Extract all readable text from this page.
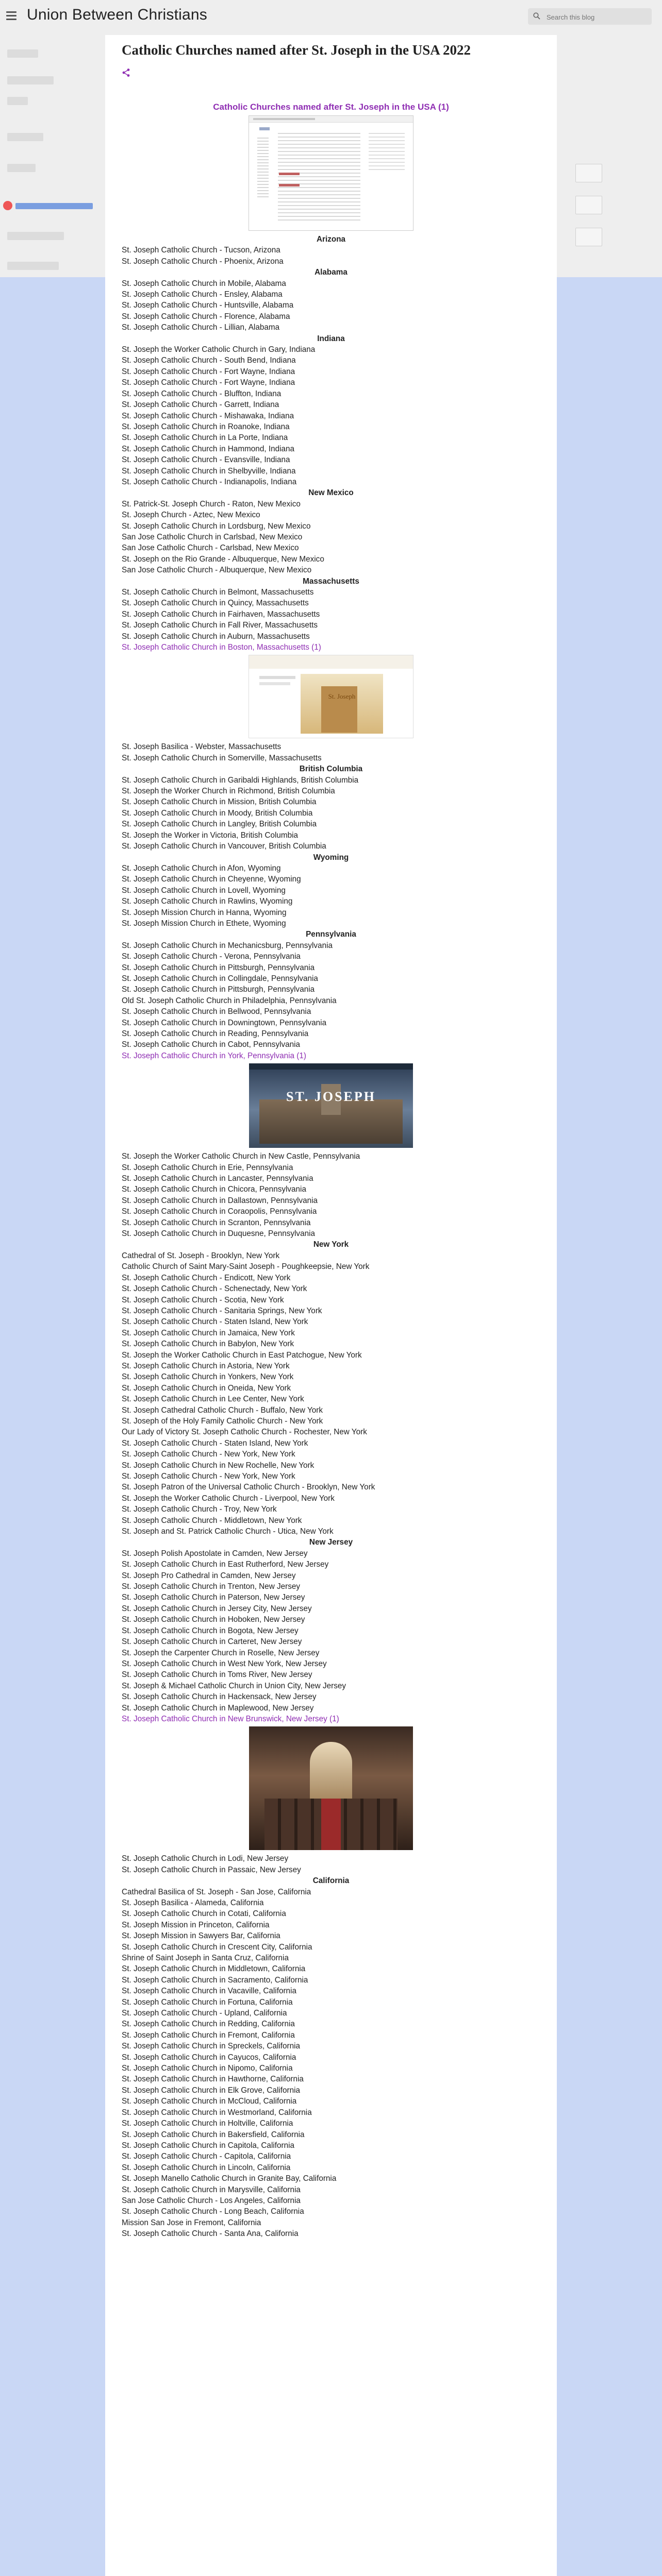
Union Between Christians
Search this blog
Catholic Churches named after St. Joseph in the USA 2022
Catholic Churches named after St. Joseph in the USA (1)
Arizona
St. Joseph Catholic Church - Tucson, Arizona
St. Joseph Catholic Church - Phoenix, Arizona
Alabama
St. Joseph Catholic Church in Mobile, Alabama
St. Joseph Catholic Church - Ensley, Alabama
St. Joseph Catholic Church - Huntsville, Alabama
St. Joseph Catholic Church - Florence, Alabama
St. Joseph Catholic Church - Lillian, Alabama
Indiana
St. Joseph the Worker Catholic Church in Gary, Indiana
St. Joseph Catholic Church - South Bend, Indiana
St. Joseph Catholic Church - Fort Wayne, Indiana
St. Joseph Catholic Church - Fort Wayne, Indiana
St. Joseph Catholic Church - Bluffton, Indiana
St. Joseph Catholic Church - Garrett, Indiana
St. Joseph Catholic Church - Mishawaka, Indiana
St. Joseph Catholic Church in Roanoke, Indiana
St. Joseph Catholic Church in La Porte, Indiana
St. Joseph Catholic Church in Hammond, Indiana
St. Joseph Catholic Church - Evansville, Indiana
St. Joseph Catholic Church in Shelbyville, Indiana
St. Joseph Catholic Church - Indianapolis, Indiana
New Mexico
St. Patrick-St. Joseph Church - Raton, New Mexico
St. Joseph Church - Aztec, New Mexico
St. Joseph Catholic Church in Lordsburg, New Mexico
San Jose Catholic Church in Carlsbad, New Mexico
San Jose Catholic Church - Carlsbad, New Mexico
St. Joseph on the Rio Grande - Albuquerque, New Mexico
San Jose Catholic Church - Albuquerque, New Mexico
Massachusetts
St. Joseph Catholic Church in Belmont, Massachusetts
St. Joseph Catholic Church in Quincy, Massachusetts
St. Joseph Catholic Church in Fairhaven, Massachusetts
St. Joseph Catholic Church in Fall River, Massachusetts
St. Joseph Catholic Church in Auburn, Massachusetts
St. Joseph Catholic Church in Boston, Massachusetts (1)
St. Joseph
St. Joseph Basilica - Webster, Massachusetts
St. Joseph Catholic Church in Somerville, Massachusetts
British Columbia
St. Joseph Catholic Church in Garibaldi Highlands, British Columbia
St. Joseph the Worker Church in Richmond, British Columbia
St. Joseph Catholic Church in Mission, British Columbia
St. Joseph Catholic Church in Moody, British Columbia
St. Joseph Catholic Church in Langley, British Columbia
St. Joseph the Worker in Victoria, British Columbia
St. Joseph Catholic Church in Vancouver, British Columbia
Wyoming
St. Joseph Catholic Church in Afon, Wyoming
St. Joseph Catholic Church in Cheyenne, Wyoming
St. Joseph Catholic Church in Lovell, Wyoming
St. Joseph Catholic Church in Rawlins, Wyoming
St. Joseph Mission Church in Hanna, Wyoming
St. Joseph Mission Church in Ethete, Wyoming
Pennsylvania
St. Joseph Catholic Church in Mechanicsburg, Pennsylvania
St. Joseph Catholic Church - Verona, Pennsylvania
St. Joseph Catholic Church in Pittsburgh, Pennsylvania
St. Joseph Catholic Church in Collingdale, Pennsylvania
St. Joseph Catholic Church in Pittsburgh, Pennsylvania
Old St. Joseph Catholic Church in Philadelphia, Pennsylvania
St. Joseph Catholic Church in Bellwood, Pennsylvania
St. Joseph Catholic Church in Downingtown, Pennsylvania
St. Joseph Catholic Church in Reading, Pennsylvania
St. Joseph Catholic Church in Cabot, Pennsylvania
St. Joseph Catholic Church in York, Pennsylvania (1)
ST. JOSEPH
St. Joseph the Worker Catholic Church in New Castle, Pennsylvania
St. Joseph Catholic Church in Erie, Pennsylvania
St. Joseph Catholic Church in Lancaster, Pennsylvania
St. Joseph Catholic Church in Chicora, Pennsylvania
St. Joseph Catholic Church in Dallastown, Pennsylvania
St. Joseph Catholic Church in Coraopolis, Pennsylvania
St. Joseph Catholic Church in Scranton, Pennsylvania
St. Joseph Catholic Church in Duquesne, Pennsylvania
New York
Cathedral of St. Joseph - Brooklyn, New York
Catholic Church of Saint Mary-Saint Joseph - Poughkeepsie, New York
St. Joseph Catholic Church - Endicott, New York
St. Joseph Catholic Church - Schenectady, New York
St. Joseph Catholic Church - Scotia, New York
St. Joseph Catholic Church - Sanitaria Springs, New York
St. Joseph Catholic Church - Staten Island, New York
St. Joseph Catholic Church in Jamaica, New York
St. Joseph Catholic Church in Babylon, New York
St. Joseph the Worker Catholic Church in East Patchogue, New York
St. Joseph Catholic Church in Astoria, New York
St. Joseph Catholic Church in Yonkers, New York
St. Joseph Catholic Church in Oneida, New York
St. Joseph Catholic Church in Lee Center, New York
St. Joseph Cathedral Catholic Church - Buffalo, New York
St. Joseph of the Holy Family Catholic Church - New York
Our Lady of Victory St. Joseph Catholic Church - Rochester, New York
St. Joseph Catholic Church - Staten Island, New York
St. Joseph Catholic Church - New York, New York
St. Joseph Catholic Church in New Rochelle, New York
St. Joseph Catholic Church - New York, New York
St. Joseph Patron of the Universal Catholic Church - Brooklyn, New York
St. Joseph the Worker Catholic Church - Liverpool, New York
St. Joseph Catholic Church - Troy, New York
St. Joseph Catholic Church - Middletown, New York
St. Joseph and St. Patrick Catholic Church - Utica, New York
New Jersey
St. Joseph Polish Apostolate in Camden, New Jersey
St. Joseph Catholic Church in East Rutherford, New Jersey
St. Joseph Pro Cathedral in Camden, New Jersey
St. Joseph Catholic Church in Trenton, New Jersey
St. Joseph Catholic Church in Paterson, New Jersey
St. Joseph Catholic Church in Jersey City, New Jersey
St. Joseph Catholic Church in Hoboken, New Jersey
St. Joseph Catholic Church in Bogota, New Jersey
St. Joseph Catholic Church in Carteret, New Jersey
St. Joseph the Carpenter Church in Roselle, New Jersey
St. Joseph Catholic Church in West New York, New Jersey
St. Joseph Catholic Church in Toms River, New Jersey
St. Joseph & Michael Catholic Church in Union City, New Jersey
St. Joseph Catholic Church in Hackensack, New Jersey
St. Joseph Catholic Church in Maplewood, New Jersey
St. Joseph Catholic Church in New Brunswick, New Jersey (1)
St. Joseph Catholic Church in Lodi, New Jersey
St. Joseph Catholic Church in Passaic, New Jersey
California
Cathedral Basilica of St. Joseph - San Jose, California
St. Joseph Basilica - Alameda, California
St. Joseph Catholic Church in Cotati, California
St. Joseph Mission in Princeton, California
St. Joseph Mission in Sawyers Bar, California
St. Joseph Catholic Church in Crescent City, California
Shrine of Saint Joseph in Santa Cruz, California
St. Joseph Catholic Church in Middletown, California
St. Joseph Catholic Church in Sacramento, California
St. Joseph Catholic Church in Vacaville, California
St. Joseph Catholic Church in Fortuna, California
St. Joseph Catholic Church - Upland, California
St. Joseph Catholic Church in Redding, California
St. Joseph Catholic Church in Fremont, California
St. Joseph Catholic Church in Spreckels, California
St. Joseph Catholic Church in Cayucos, California
St. Joseph Catholic Church in Nipomo, California
St. Joseph Catholic Church in Hawthorne, California
St. Joseph Catholic Church in Elk Grove, California
St. Joseph Catholic Church in McCloud, California
St. Joseph Catholic Church in Westmorland, California
St. Joseph Catholic Church in Holtville, California
St. Joseph Catholic Church in Bakersfield, California
St. Joseph Catholic Church in Capitola, California
St. Joseph Catholic Church - Capitola, California
St. Joseph Catholic Church in Lincoln, California
St. Joseph Manello Catholic Church in Granite Bay, California
St. Joseph Catholic Church in Marysville, California
San Jose Catholic Church - Los Angeles, California
St. Joseph Catholic Church - Long Beach, California
Mission San Jose in Fremont, California
St. Joseph Catholic Church - Santa Ana, California
